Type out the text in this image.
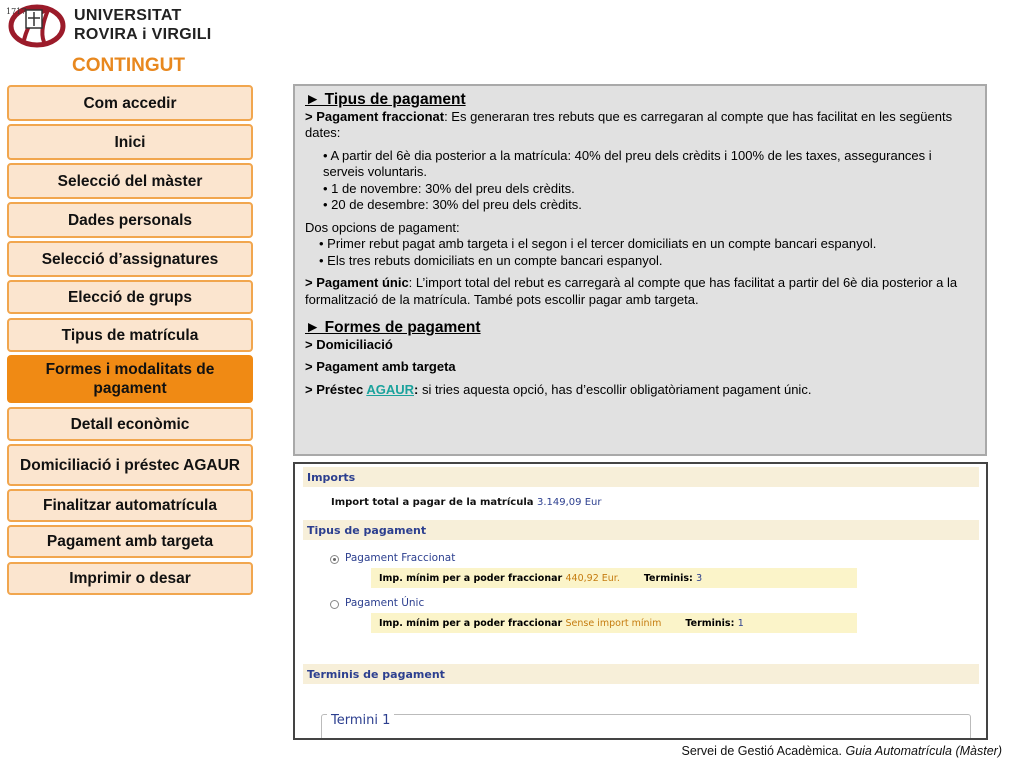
1717	UNIVERSITAT
ROVIRA i VIRGILI
CONTINGUT
Com accedir
Inici
Selecció del màster
Dades personals
Selecció d’assignatures
Elecció de grups
Tipus de matrícula
Formes i modalitats de pagament
Detall econòmic
Domiciliació i préstec AGAUR
Finalitzar automatrícula
Pagament amb targeta
Imprimir o desar

► Tipus de pagament

> Pagament fraccionat: Es generaran tres rebuts que es carregaran al compte que has facilitat en les següents dates:

• A partir del 6è dia posterior a la matrícula: 40% del preu dels crèdits i 100% de les taxes, assegurances i serveis voluntaris.

• 1 de novembre: 30% del preu dels crèdits.

• 20 de desembre: 30% del preu dels crèdits.

Dos opcions de pagament:

• Primer rebut pagat amb targeta i el segon i el tercer domiciliats en un compte bancari espanyol.

• Els tres rebuts domiciliats en un compte bancari espanyol.

> Pagament únic: L’import total del rebut es carregarà al compte que has facilitat a partir del 6è dia posterior a la formalització de la matrícula. També pots escollir pagar amb targeta.

► Formes de pagament

> Domiciliació

> Pagament amb targeta

> Préstec AGAUR: si tries aquesta opció, has d’escollir obligatòriament pagament únic.

Imports
Import total a pagar de la matrícula 3.149,09 Eur
Tipus de pagament
Pagament Fraccionat
Imp. mínim per a poder fraccionar
440,92 Eur.	Terminis:
3
Pagament Únic
Imp. mínim per a poder fraccionar
Sense import mínim	Terminis:
1
Terminis de pagament
Termini 1
Servei de Gestió Acadèmica. Guia Automatrícula (Màster)
